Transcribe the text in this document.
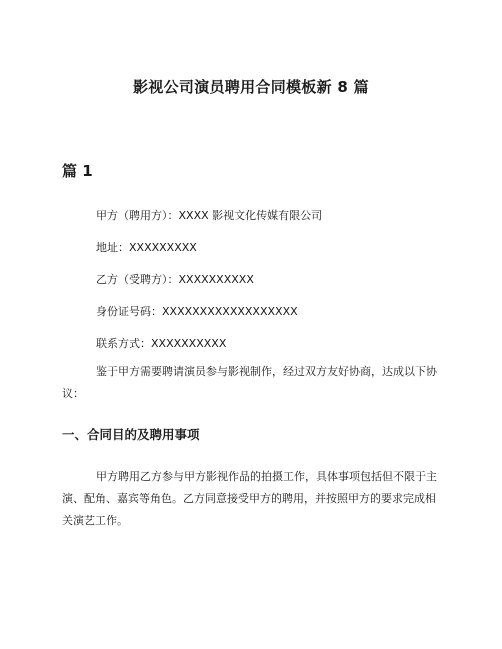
影视公司演员聘用合同模板新 8 篇
篇 1
甲方（聘用方）：XXXX 影视文化传媒有限公司
地址：XXXXXXXXX
乙方（受聘方）：XXXXXXXXXX
身份证号码：XXXXXXXXXXXXXXXXXX
联系方式：XXXXXXXXXX
鉴于甲方需要聘请演员参与影视制作，经过双方友好协商，达成以下协议：
一、合同目的及聘用事项
甲方聘用乙方参与甲方影视作品的拍摄工作，具体事项包括但不限于主演、配角、嘉宾等角色。乙方同意接受甲方的聘用，并按照甲方的要求完成相关演艺工作。
